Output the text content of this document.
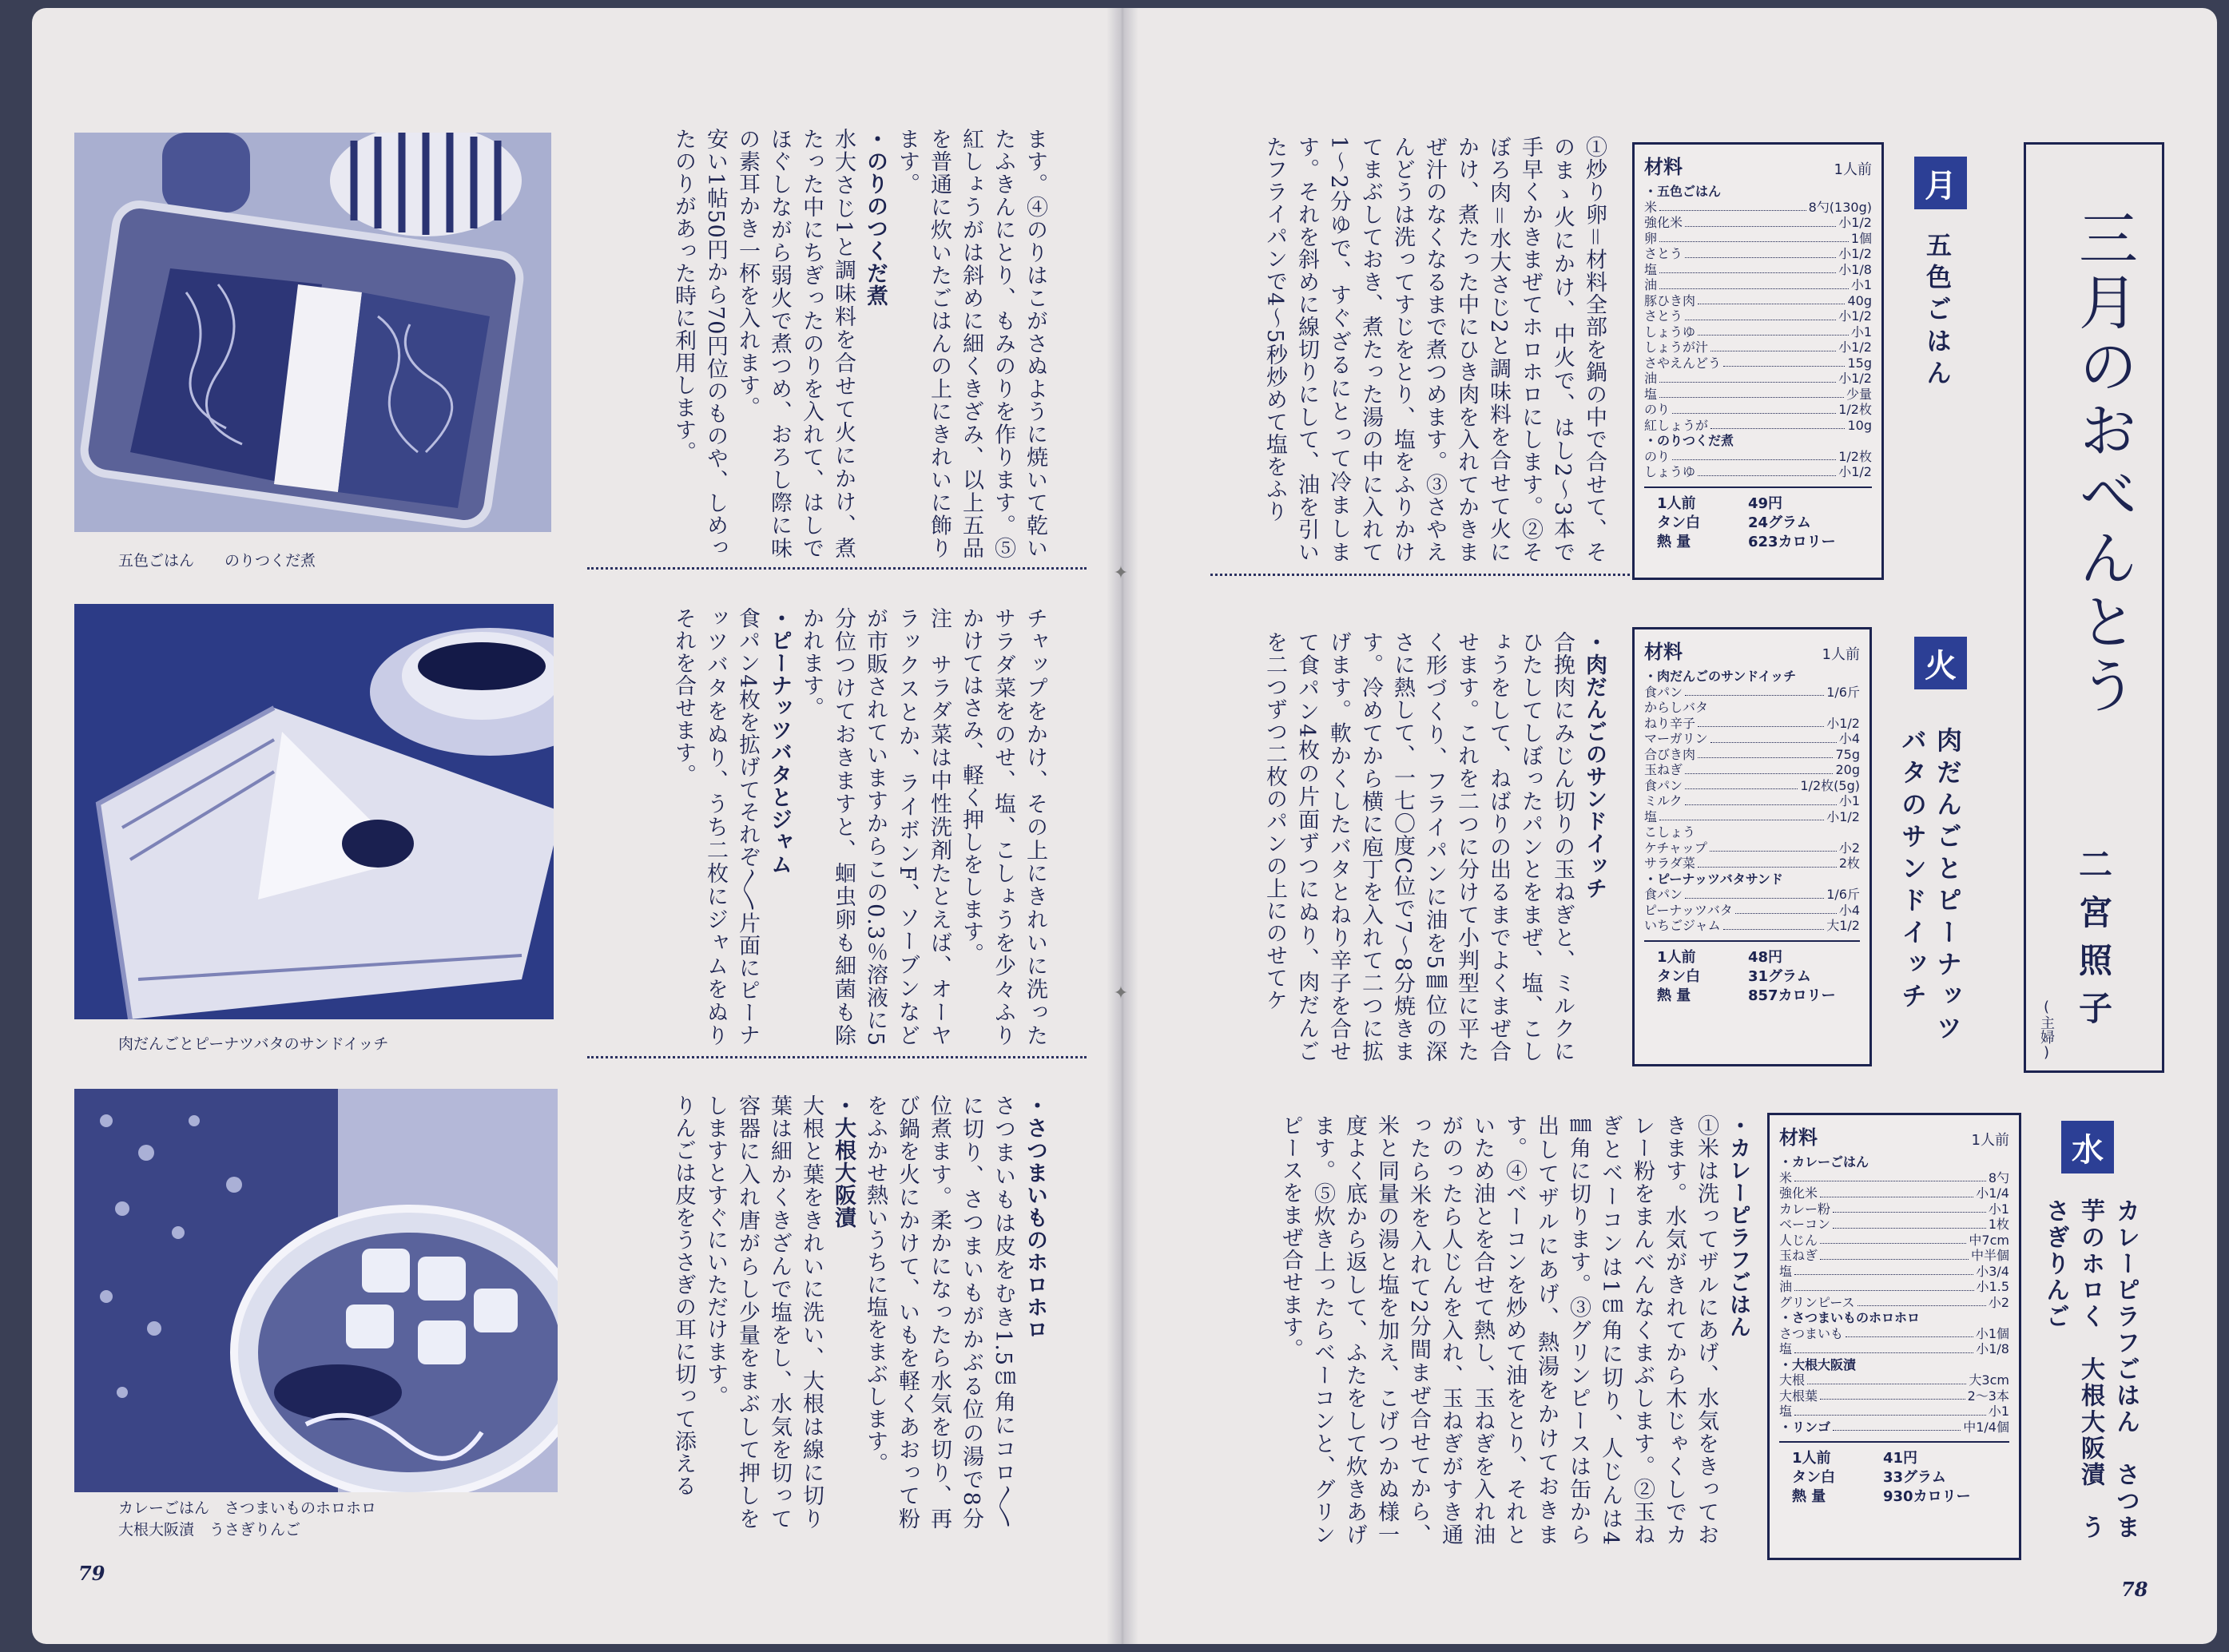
✦
✦
五色ごはん　　のりつくだ煮
肉だんごとピーナツバタのサンドイッチ
カレーごはん　さつまいものホロホロ
大根大阪漬　うさぎりんご

ます。④のりはこがさぬように焼いて乾いたふきんにとり、もみのりを作ります。⑤紅しょうがは斜めに細くきざみ、以上五品を普通に炊いたごはんの上にきれいに飾ります。

・のりのつくだ煮

水大さじ1と調味料を合せて火にかけ、煮たった中にちぎったのりを入れて、はしでほぐしながら弱火で煮つめ、おろし際に味の素耳かき一杯を入れます。

安い1帖50円から70円位のものや、しめったのりがあった時に利用します。

チャップをかけ、その上にきれいに洗ったサラダ菜をのせ、塩、こしょうを少々ふりかけてはさみ、軽く押しをします。

注　サラダ菜は中性洗剤たとえば、オーヤラックスとか、ライボンF、ソーブンなどが市販されていますからこの0.3％溶液に5分位つけておきますと、蛔虫卵も細菌も除かれます。

・ピーナッツバタとジャム

食パン4枚を拡げてそれぞ〳〵片面にピーナッツバタをぬり、うち二枚にジャムをぬりそれを合せます。

・さつまいものホロホロ

さつまいもは皮をむき1.5㎝角にコロ〳〵に切り、さつまいもがかぶる位の湯で8分位煮ます。柔かになったら水気を切り、再び鍋を火にかけて、いもを軽くあおって粉をふかせ熱いうちに塩をまぶします。

・大根大阪漬

大根と葉をきれいに洗い、大根は線に切り葉は細かくきざんで塩をし、水気を切って容器に入れ唐がらし少量をまぶして押しをしますとすぐにいただけます。

りんごは皮をうさぎの耳に切って添える

79
三月のおべんとう
二宮照子
(主婦)
月
五色ごはん
材料	1人前
・五色ごはん
米	8勺(130g)
強化米	小1/2
卵	1個
さとう	小1/2
塩	小1/8
油	小1
豚ひき肉	40g
さとう	小1/2
しょうゆ	小1
しょうが汁	小1/2
さやえんどう	15g
油	小1/2
塩	少量
のり	1/2枚
紅しょうが	10g
・のりつくだ煮
のり	1/2枚
しょうゆ	小1/2
1人前	49円
タン白	24グラム
熱 量	623カロリー

①炒り卵＝材料全部を鍋の中で合せて、そのまゝ火にかけ、中火で、はし2～3本で手早くかきまぜてホロホロにします。②そぼろ肉＝水大さじ2と調味料を合せて火にかけ、煮たった中にひき肉を入れてかきまぜ汁のなくなるまで煮つめます。③さやえんどうは洗ってすじをとり、塩をふりかけてまぶしておき、煮たった湯の中に入れて1～2分ゆで、すぐざるにとって冷まします。それを斜めに線切りにして、油を引いたフライパンで4～5秒炒めて塩をふり

火
肉だんごとピーナッツバタのサンドイッチ
材料	1人前
・肉だんごのサンドイッチ
食パン	1/6斤
からしバタ
ねり辛子	小1/2
マーガリン	小4
合びき肉	75g
玉ねぎ	20g
食パン	1/2枚(5g)
ミルク	小1
塩	小1/2
こしょう
ケチャップ	小2
サラダ菜	2枚
・ピーナッツバタサンド
食パン	1/6斤
ピーナッツバタ	小4
いちごジャム	大1/2
1人前	48円
タン白	31グラム
熱 量	857カロリー

・肉だんごのサンドイッチ

合挽肉にみじん切りの玉ねぎと、ミルクにひたしてしぼったパンとをまぜ、塩、こしょうをして、ねばりの出るまでよくまぜ合せます。これを二つに分けて小判型に平たく形づくり、フライパンに油を5㎜位の深さに熱して、一七〇度C位で7～8分焼きます。冷めてから横に庖丁を入れて二つに拡げます。軟かくしたバタとねり辛子を合せて食パン4枚の片面ずつにぬり、肉だんごを二つずつ二枚のパンの上にのせてケ

水
カレーピラフごはん　さつま芋のホロく　大根大阪漬　うさぎりんご
材料	1人前
・カレーごはん
米	8勺
強化米	小1/4
カレー粉	小1
ベーコン	1枚
人じん	中7cm
玉ねぎ	中半個
塩	小3/4
油	小1.5
グリンピース	小2
・さつまいものホロホロ
さつまいも	小1個
塩	小1/8
・大根大阪漬
大根	大3cm
大根葉	2～3本
塩	小1
・リンゴ	中1/4個
1人前	41円
タン白	33グラム
熱 量	930カロリー

・カレーピラフごはん

①米は洗ってザルにあげ、水気をきっておきます。水気がきれてから木じゃくしでカレー粉をまんべんなくまぶします。②玉ねぎとベーコンは1㎝角に切り、人じんは4㎜角に切ります。③グリンピースは缶から出してザルにあげ、熱湯をかけておきます。④ベーコンを炒めて油をとり、それといため油とを合せて熱し、玉ねぎを入れ油がのったら人じんを入れ、玉ねぎがすき通ったら米を入れて2分間まぜ合せてから、米と同量の湯と塩を加え、こげつかぬ様一度よく底から返して、ふたをして炊きあげます。⑤炊き上ったらベーコンと、グリンピースをまぜ合せます。

78
